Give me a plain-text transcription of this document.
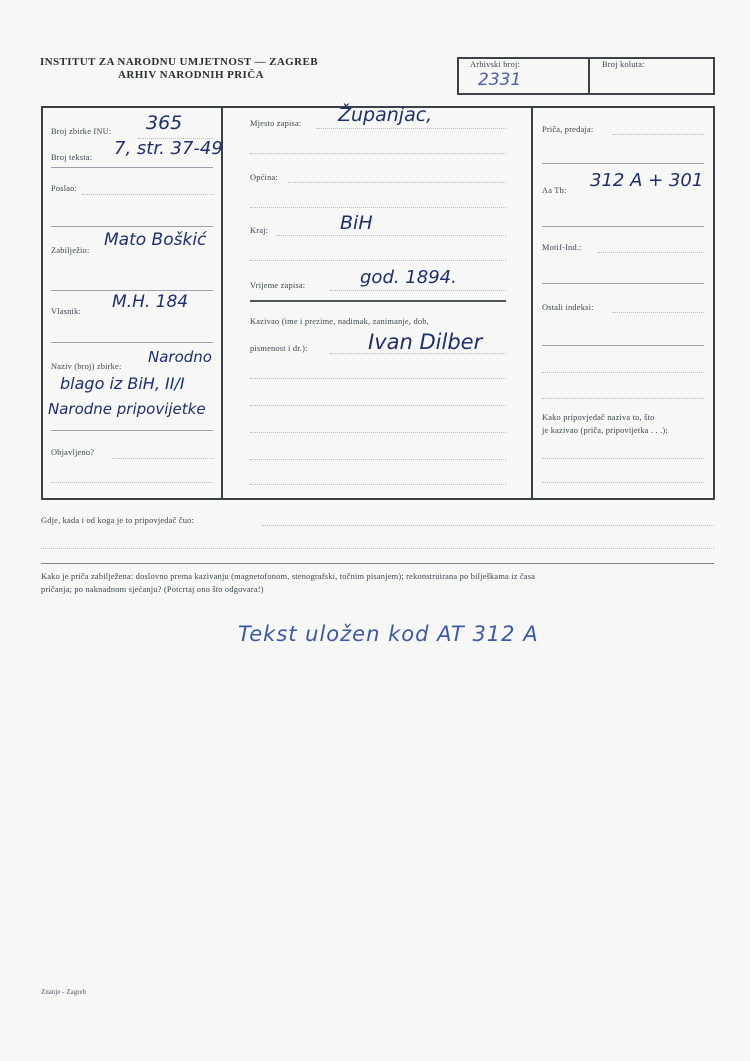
INSTITUT ZA NARODNU UMJETNOST — ZAGREB
ARHIV NARODNIH PRIČA
Arhivski broj:
2331
Broj koluta:
Broj zbirke INU: 365
Broj teksta: 7, str. 37-49
Poslao:
Zabilježio:
Mato Boškić
Vlasnik: M.H. 184
Naziv (broj) zbirke:
Narodno
blago iz BiH, II/I
Narodne pripovijetke
Objavljeno?
Mjesto zapisa: Županjac,
Općina:
Kraj:	BiH
Vrijeme zapisa:	god. 1894.
Kazivao (ime i prezime, nadimak, zanimanje, dob,
pismenost i dr.):	Ivan Dilber
Priča, predaja:
Aa Th: 312 A + 301
Motif-Ind.:
Ostali indeksi:
Kako pripovjedač naziva to, što
je kazivao (priča, pripovijetka . . .):
Gdje, kada i od koga je to pripovjedač čuo:
Kako je priča zabilježena: doslovno prema kazivanju (magnetofonom, stenografski, točnim pisanjem); rekonstruirana po bilješkama iz časa
pričanja; po naknadnom sjećanju? (Potcrtaj ono što odgovara!)
Tekst uložen kod AT 312 A
Znanje - Zagreb
